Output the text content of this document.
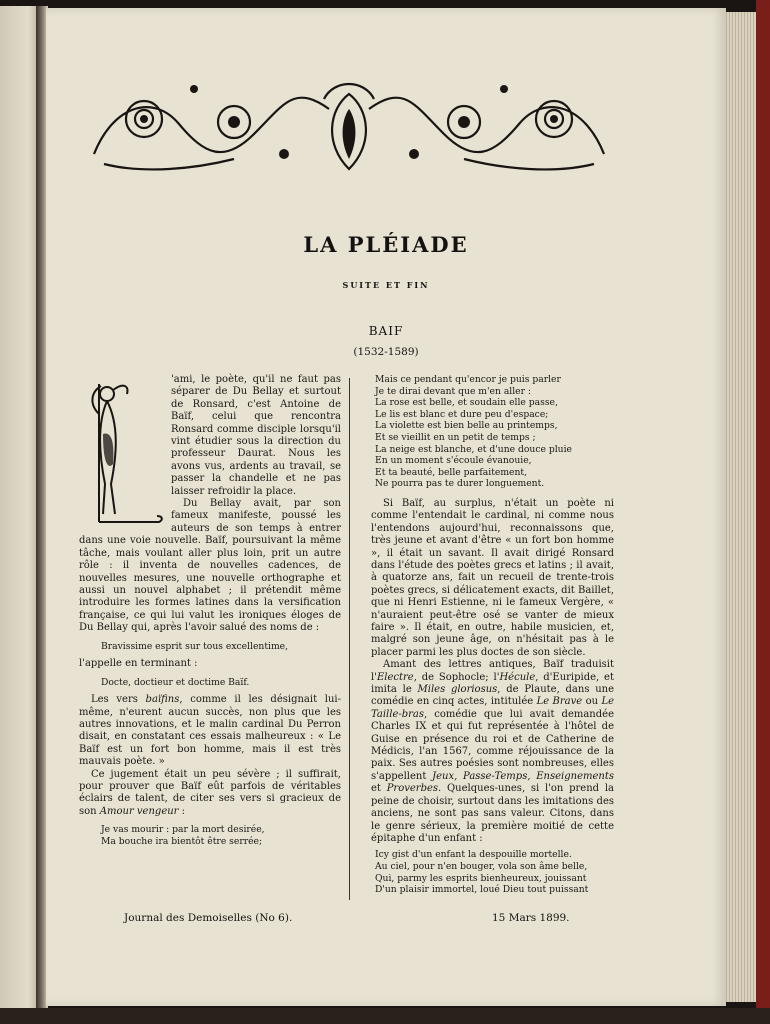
LA PLÉIADE
SUITE ET FIN
BAIF
(1532-1589)

'ami, le poète, qu'il ne faut pas séparer de Du Bellay et surtout de Ronsard, c'est Antoine de Baïf, celui que rencontra Ronsard comme disciple lorsqu'il vint étudier sous la direction du professeur Daurat. Nous les avons vus, ardents au travail, se passer la chandelle et ne pas laisser refroidir la place.

Du Bellay avait, par son fameux manifeste, poussé les auteurs de son temps à entrer dans une voie nouvelle. Baïf, poursuivant la même tâche, mais voulant aller plus loin, prit un autre rôle : il inventa de nouvelles cadences, de nouvelles mesures, une nouvelle orthographe et aussi un nouvel alphabet ; il prétendit même introduire les formes latines dans la versification française, ce qui lui valut les ironiques éloges de Du Bellay qui, après l'avoir salué des noms de :

Bravissime esprit sur tous excellentime,

l'appelle en terminant :

Docte, doctieur et doctime Baïf.

Les vers baïfins, comme il les désignait lui-même, n'eurent aucun succès, non plus que les autres innovations, et le malin cardinal Du Perron disait, en constatant ces essais malheureux : « Le Baïf est un fort bon homme, mais il est très mauvais poète. »

Ce jugement était un peu sévère ; il suffirait, pour prouver que Baïf eût parfois de véritables éclairs de talent, de citer ses vers si gracieux de son Amour vengeur :

Je vas mourir : par la mort desirée,
Ma bouche ira bientôt être serrée;
Mais ce pendant qu'encor je puis parler
Je te dirai devant que m'en aller :
La rose est belle, et soudain elle passe,
Le lis est blanc et dure peu d'espace;
La violette est bien belle au printemps,
Et se vieillit en un petit de temps ;
La neige est blanche, et d'une douce pluie
En un moment s'écoule évanouie,
Et ta beauté, belle parfaitement,
Ne pourra pas te durer longuement.

Si Baïf, au surplus, n'était un poète ni comme l'entendait le cardinal, ni comme nous l'entendons aujourd'hui, reconnaissons que, très jeune et avant d'être « un fort bon homme », il était un savant. Il avait dirigé Ronsard dans l'étude des poètes grecs et latins ; il avait, à quatorze ans, fait un recueil de trente-trois poètes grecs, si délicatement exacts, dit Baillet, que ni Henri Estienne, ni le fameux Vergère, « n'auraient peut-être osé se vanter de mieux faire ». Il était, en outre, habile musicien, et, malgré son jeune âge, on n'hésitait pas à le placer parmi les plus doctes de son siècle.

Amant des lettres antiques, Baïf traduisit l'Electre, de Sophocle; l'Hécule, d'Euripide, et imita le Miles gloriosus, de Plaute, dans une comédie en cinq actes, intitulée Le Brave ou Le Taille-bras, comédie que lui avait demandée Charles IX et qui fut représentée à l'hôtel de Guise en présence du roi et de Catherine de Médicis, l'an 1567, comme réjouissance de la paix. Ses autres poésies sont nombreuses, elles s'appellent Jeux, Passe-Temps, Enseignements et Proverbes. Quelques-unes, si l'on prend la peine de choisir, surtout dans les imitations des anciens, ne sont pas sans valeur. Citons, dans le genre sérieux, la première moitié de cette épitaphe d'un enfant :

Icy gist d'un enfant la despouille mortelle.
Au ciel, pour n'en bouger, vola son âme belle,
Qui, parmy les esprits bienheureux, jouissant
D'un plaisir immortel, loué Dieu tout puissant
Journal des Demoiselles (No 6).	15 Mars 1899.
